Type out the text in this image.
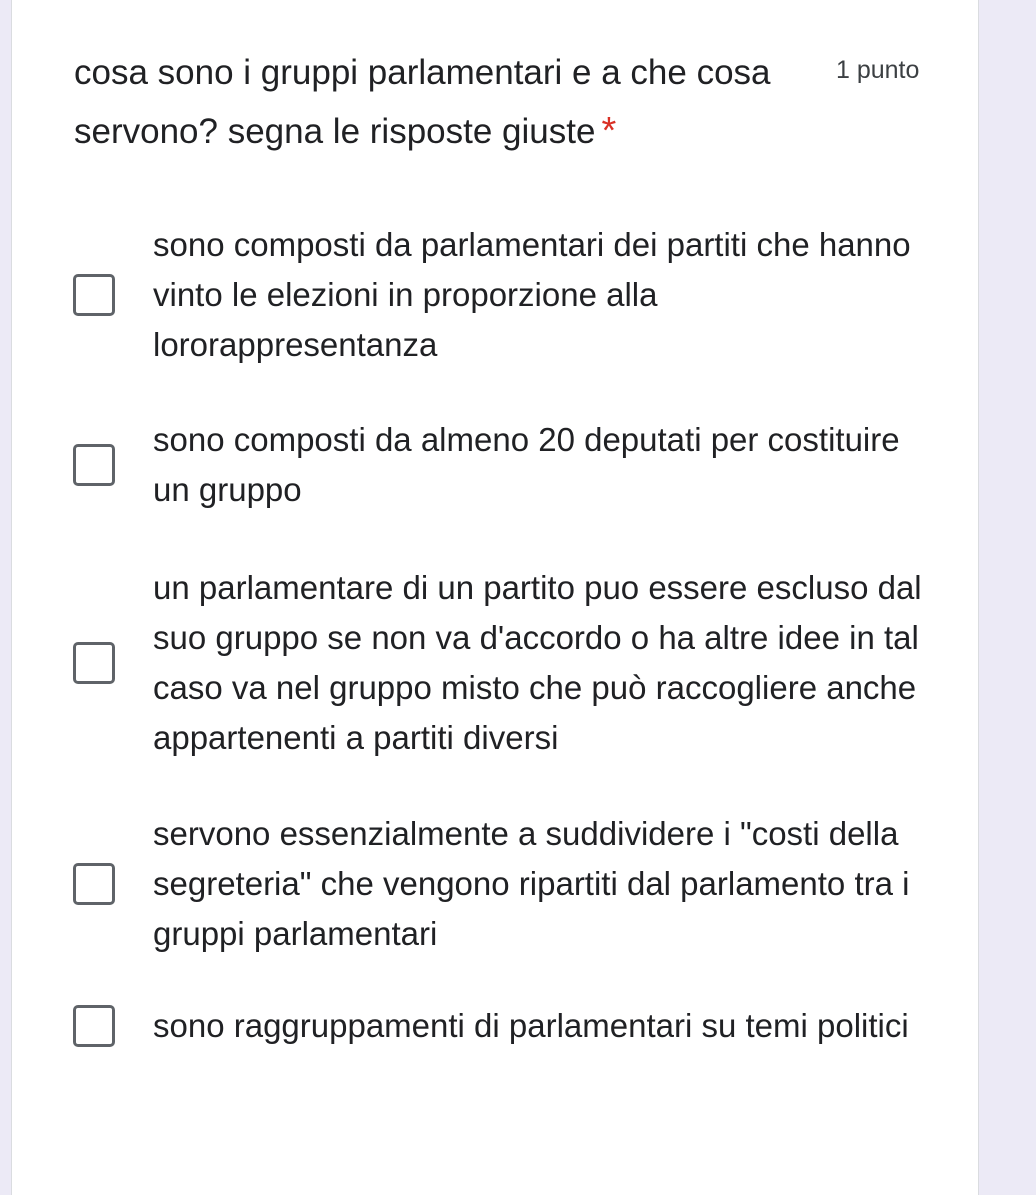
cosa sono i gruppi parlamentari e a che cosa servono? segna le risposte giuste *
1 punto
sono composti da parlamentari dei partiti che hanno vinto le elezioni in proporzione alla lororappresentanza
sono composti da almeno 20 deputati per costituire un gruppo
un parlamentare di un partito puo essere escluso dal suo gruppo se non va d'accordo o ha altre idee in tal caso va nel gruppo misto che può raccogliere anche appartenenti a partiti diversi
servono essenzialmente a suddividere i "costi della segreteria" che vengono ripartiti dal parlamento tra i gruppi parlamentari
sono raggruppamenti di parlamentari su temi politici
